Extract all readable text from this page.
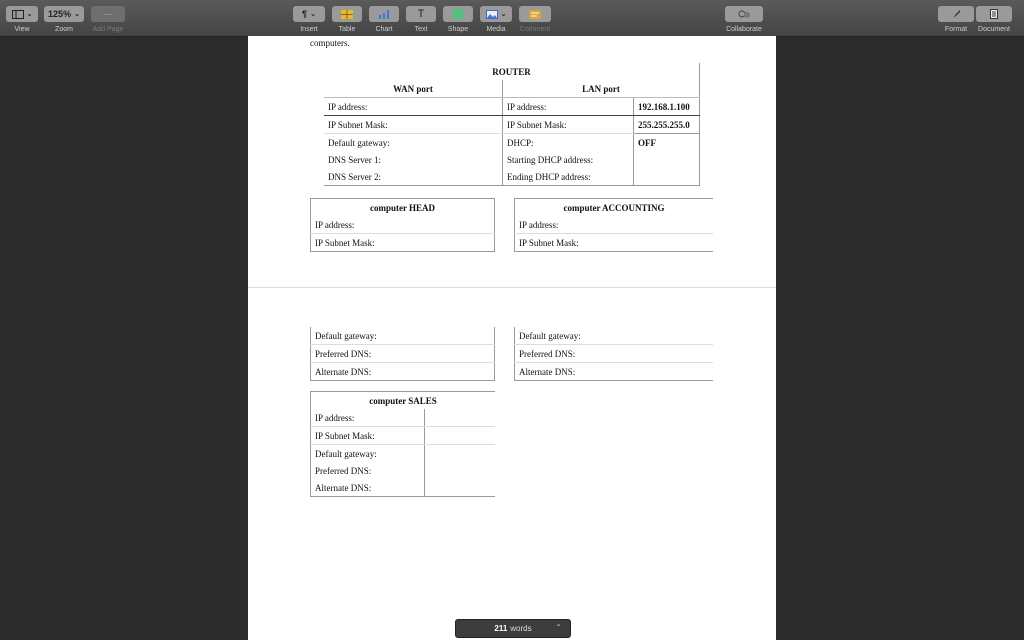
⌄
View
125% ⌄
Zoom
—
Add Page
¶ ⌄
Insert	Table	Chart
T
Text	Shape
⌄
Media Comment	Collaborate	Format Document
computers.
ROUTER		
WAN port	LAN port	
IP address:	IP address:	192.168.1.100
IP Subnet Mask:	IP Subnet Mask:	255.255.255.0
Default gateway:	DHCP:	OFF
DNS Server 1:	Starting DHCP address:	
DNS Server 2:	Ending DHCP address:	
computer HEAD	
IP address:	
IP Subnet Mask:	
computer ACCOUNTING	
IP address:	
IP Subnet Mask:	
Default gateway:	
Preferred DNS:	
Alternate DNS:	
Default gateway:	
Preferred DNS:	
Alternate DNS:	
computer SALES	
IP address:	
IP Subnet Mask:	
Default gateway:	
Preferred DNS:	
Alternate DNS:	
211 words	⌃
